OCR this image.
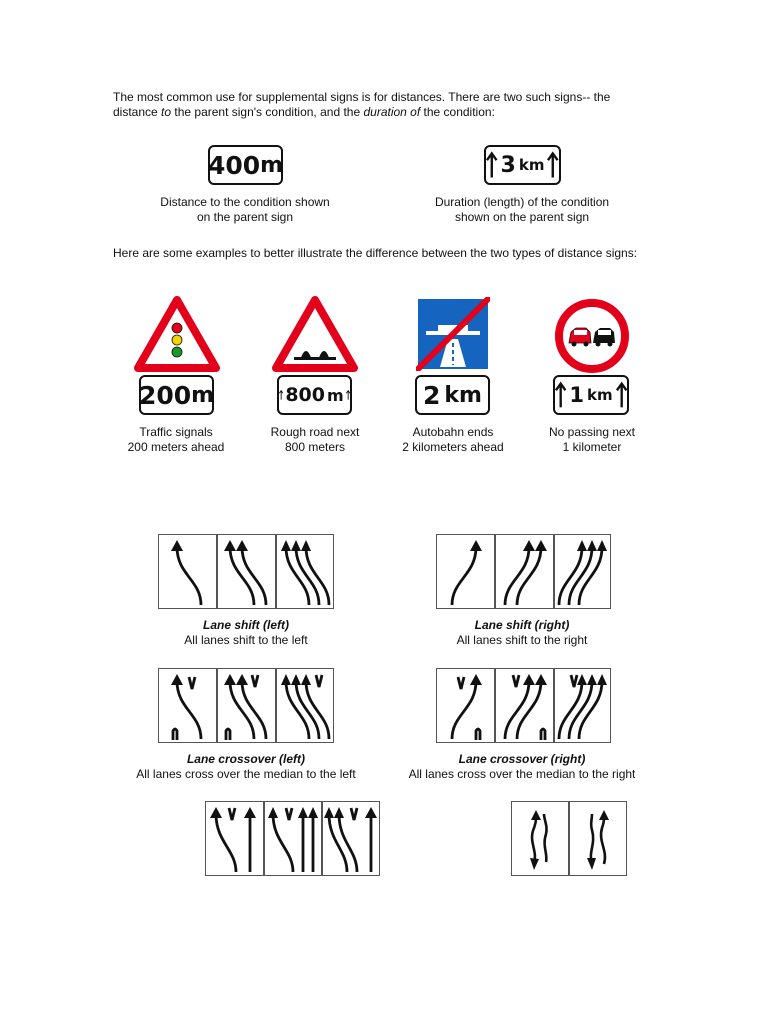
The most common use for supplemental signs is for distances. There are two such signs-- the distance to the parent sign's condition, and the duration of the condition:
400 m
Distance to the condition shown
on the parent sign
3 km
Duration (length) of the condition
shown on the parent sign
Here are some examples to better illustrate the difference between the two types of distance signs:
200 m	800 m	2 km	1 km
Traffic signals
200 meters ahead
Rough road next
800 meters
Autobahn ends
2 kilometers ahead
No passing next
1 kilometer
Lane shift (left)
All lanes shift to the left
Lane shift (right)
All lanes shift to the right
Lane crossover (left)
All lanes cross over the median to the left
Lane crossover (right)
All lanes cross over the median to the right
